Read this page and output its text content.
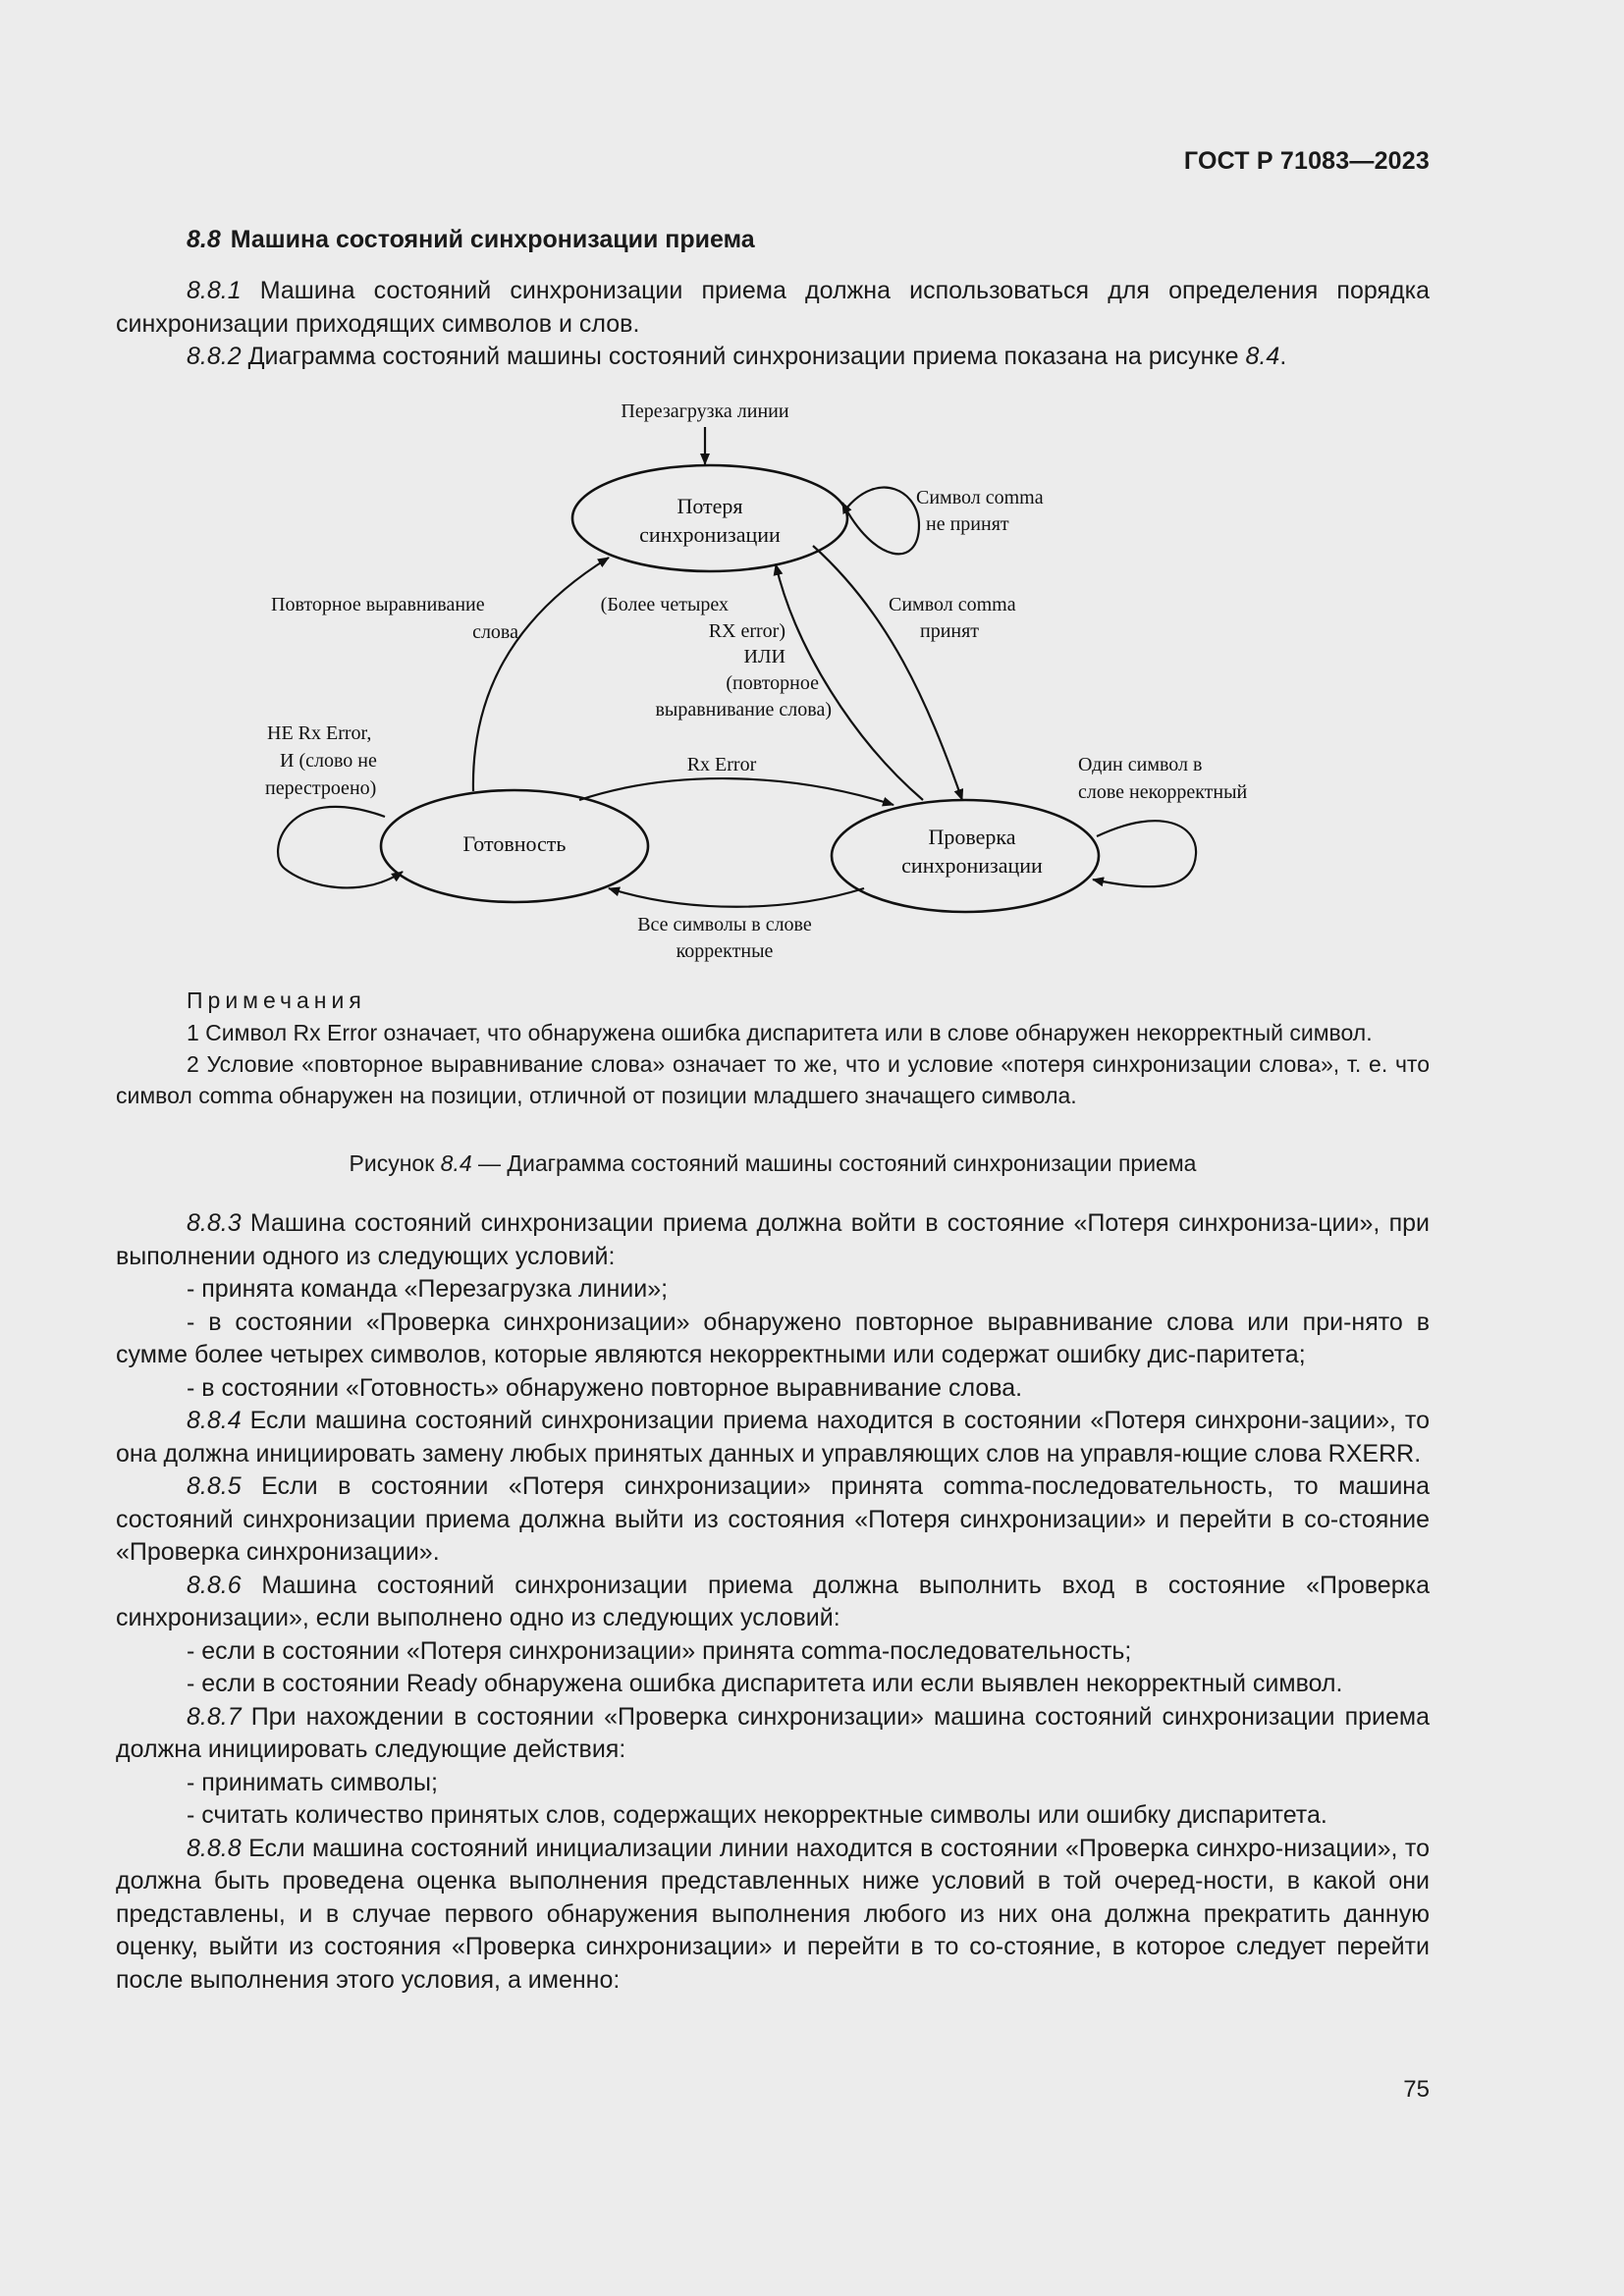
ГОСТ Р 71083—2023
8.8 Машина состояний синхронизации приема

8.8.1 Машина состояний синхронизации приема должна использоваться для определения порядка синхронизации приходящих символов и слов.

8.8.2 Диаграмма состояний машины состояний синхронизации приема показана на рисунке 8.4.

Потеря
синхронизации
Готовность	Проверка
синхронизации
Перезагрузка линии
Символ comma
не принят
Символ comma
принят
Повторное выравнивание
слова
(Более четырех
RX error)
ИЛИ
(повторное
выравнивание слова)
НЕ Rx Error,
И (слово не
перестроено)
Rx Error	Один символ в
слове некорректный
Все символы в слове
корректные

Примечания

1 Символ Rx Error означает, что обнаружена ошибка диспаритета или в слове обнаружен некорректный символ.

2 Условие «повторное выравнивание слова» означает то же, что и условие «потеря синхронизации слова», т. е. что символ comma обнаружен на позиции, отличной от позиции младшего значащего символа.

Рисунок 8.4 — Диаграмма состояний машины состояний синхронизации приема

8.8.3 Машина состояний синхронизации приема должна войти в состояние «Потеря синхрониза-ции», при выполнении одного из следующих условий:

- принята команда «Перезагрузка линии»;

- в состоянии «Проверка синхронизации» обнаружено повторное выравнивание слова или при-нято в сумме более четырех символов, которые являются некорректными или содержат ошибку дис-паритета;

- в состоянии «Готовность» обнаружено повторное выравнивание слова.

8.8.4 Если машина состояний синхронизации приема находится в состоянии «Потеря синхрони-зации», то она должна инициировать замену любых принятых данных и управляющих слов на управля-ющие слова RXERR.

8.8.5 Если в состоянии «Потеря синхронизации» принята comma-последовательность, то машина состояний синхронизации приема должна выйти из состояния «Потеря синхронизации» и перейти в со-стояние «Проверка синхронизации».

8.8.6 Машина состояний синхронизации приема должна выполнить вход в состояние «Проверка синхронизации», если выполнено одно из следующих условий:

- если в состоянии «Потеря синхронизации» принята comma-последовательность;

- если в состоянии Ready обнаружена ошибка диспаритета или если выявлен некорректный символ.

8.8.7 При нахождении в состоянии «Проверка синхронизации» машина состояний синхронизации приема должна инициировать следующие действия:

- принимать символы;

- считать количество принятых слов, содержащих некорректные символы или ошибку диспаритета.

8.8.8 Если машина состояний инициализации линии находится в состоянии «Проверка синхро-низации», то должна быть проведена оценка выполнения представленных ниже условий в той очеред-ности, в какой они представлены, и в случае первого обнаружения выполнения любого из них она должна прекратить данную оценку, выйти из состояния «Проверка синхронизации» и перейти в то со-стояние, в которое следует перейти после выполнения этого условия, а именно:

75
